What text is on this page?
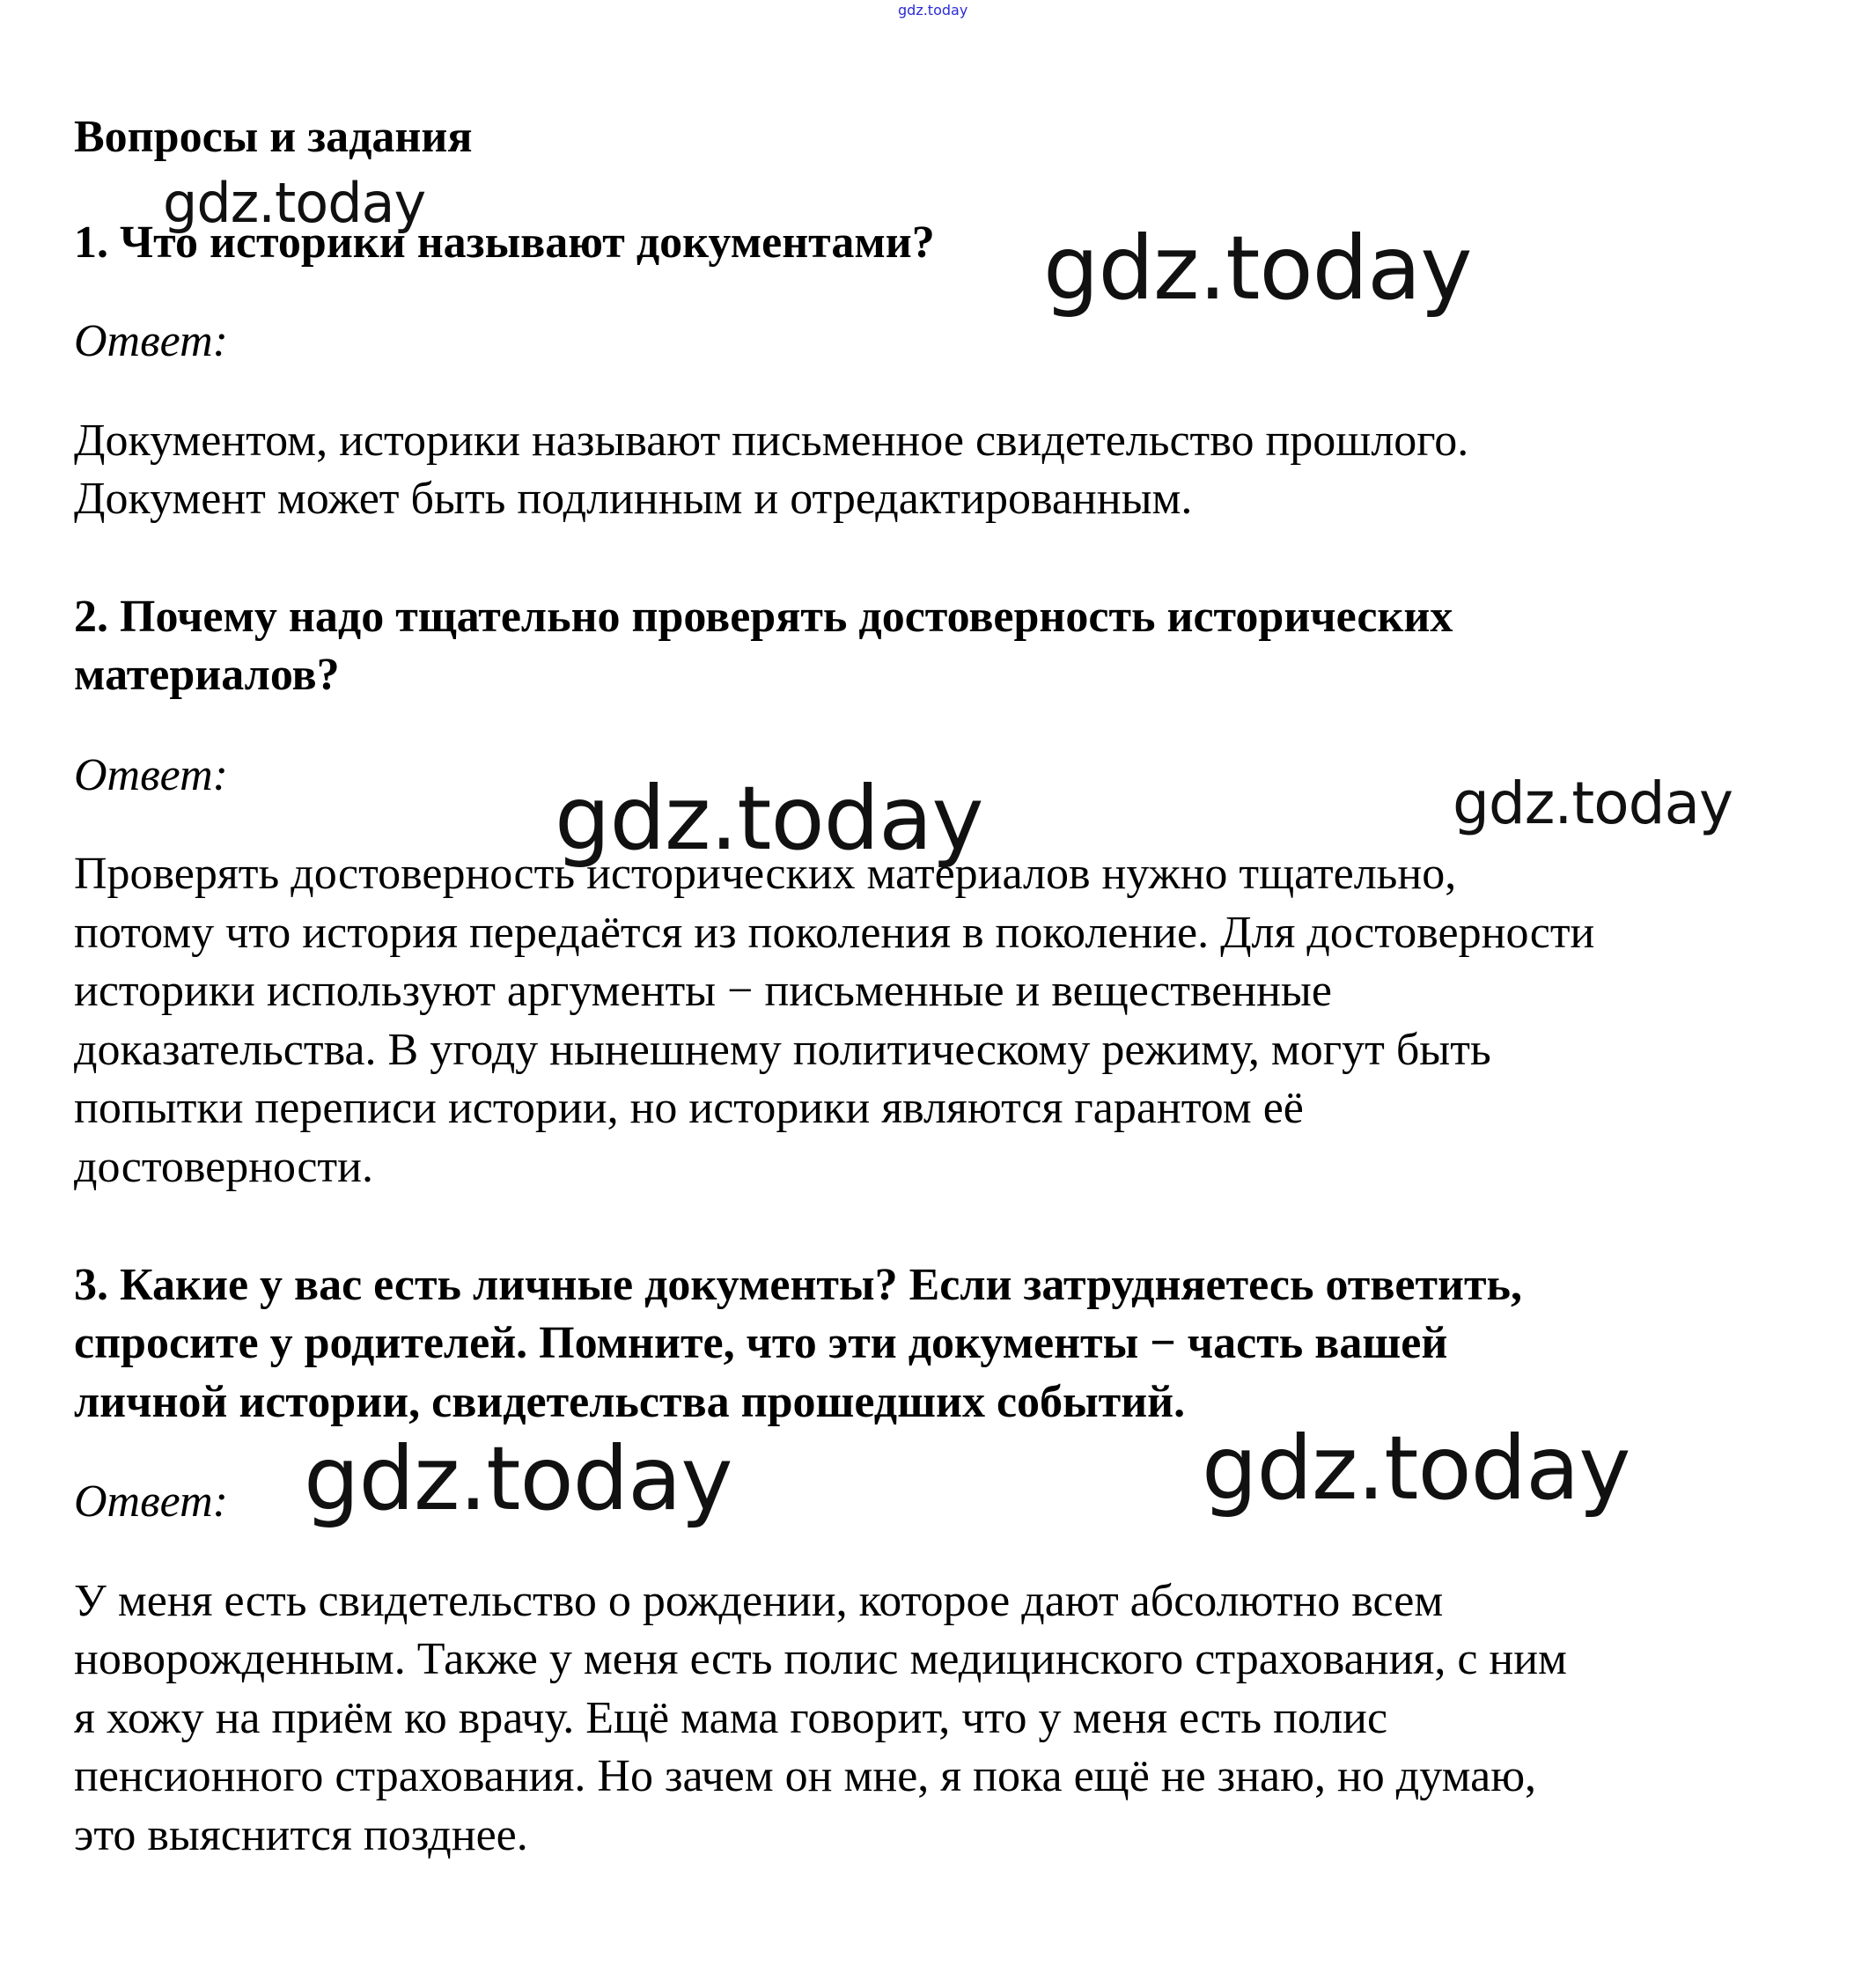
gdz.today
Вопросы и задания
1. Что историки называют документами?
Ответ:
Документом, историки называют письменное свидетельство прошлого.
Документ может быть подлинным и отредактированным.
2. Почему надо тщательно проверять достоверность исторических
материалов?
Ответ:
Проверять достоверность исторических материалов нужно тщательно,
потому что история передаётся из поколения в поколение. Для достоверности
историки используют аргументы − письменные и вещественные
доказательства. В угоду нынешнему политическому режиму, могут быть
попытки переписи истории, но историки являются гарантом её
достоверности.
3. Какие у вас есть личные документы? Если затрудняетесь ответить,
спросите у родителей. Помните, что эти документы − часть вашей
личной истории, свидетельства прошедших событий.
Ответ:
У меня есть свидетельство о рождении, которое дают абсолютно всем
новорожденным. Также у меня есть полис медицинского страхования, с ним
я хожу на приём ко врачу. Ещё мама говорит, что у меня есть полис
пенсионного страхования. Но зачем он мне, я пока ещё не знаю, но думаю,
это выяснится позднее.
gdz.today
gdz.today
gdz.today	gdz.today
gdz.today	gdz.today
